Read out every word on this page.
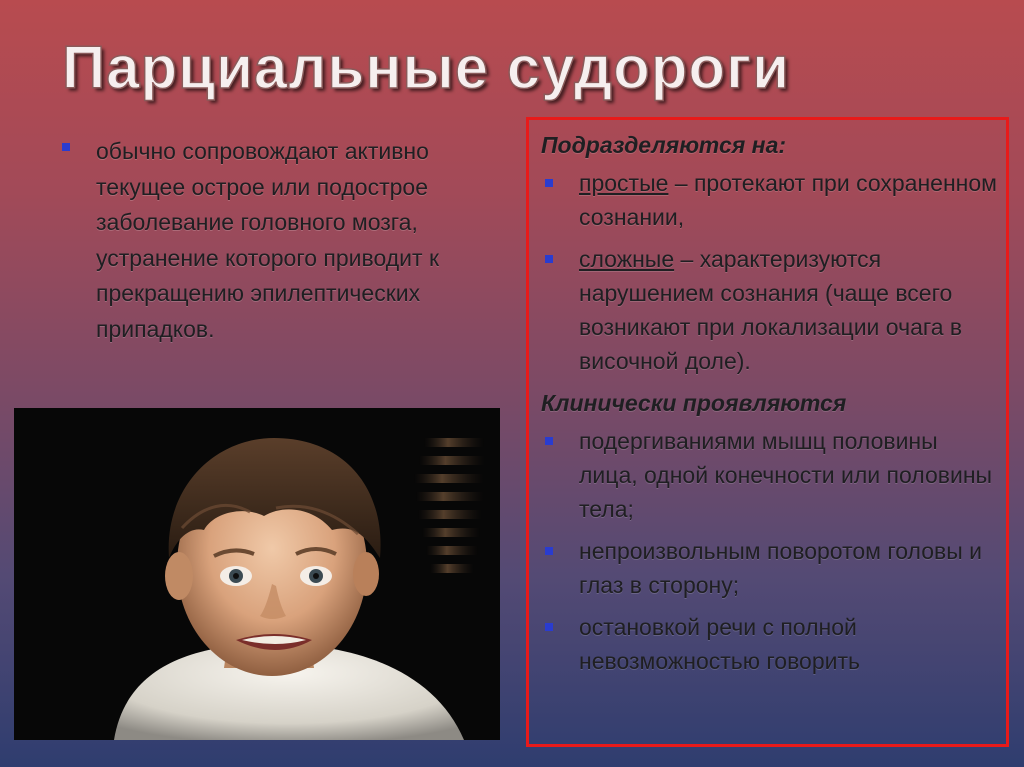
Парциальные судороги
обычно сопровождают активно текущее острое или подострое заболевание головного мозга, устранение которого приводит к прекращению эпилептических припадков.
Подразделяются на:
простые – протекают при сохраненном сознании,
сложные – характеризуются нарушением сознания (чаще всего возникают при локализации очага в височной доле).
Клинически проявляются
подергиваниями мышц половины лица, одной конечности или половины тела;
непроизвольным поворотом головы и глаз в сторону;
остановкой речи с полной невозможностью говорить
